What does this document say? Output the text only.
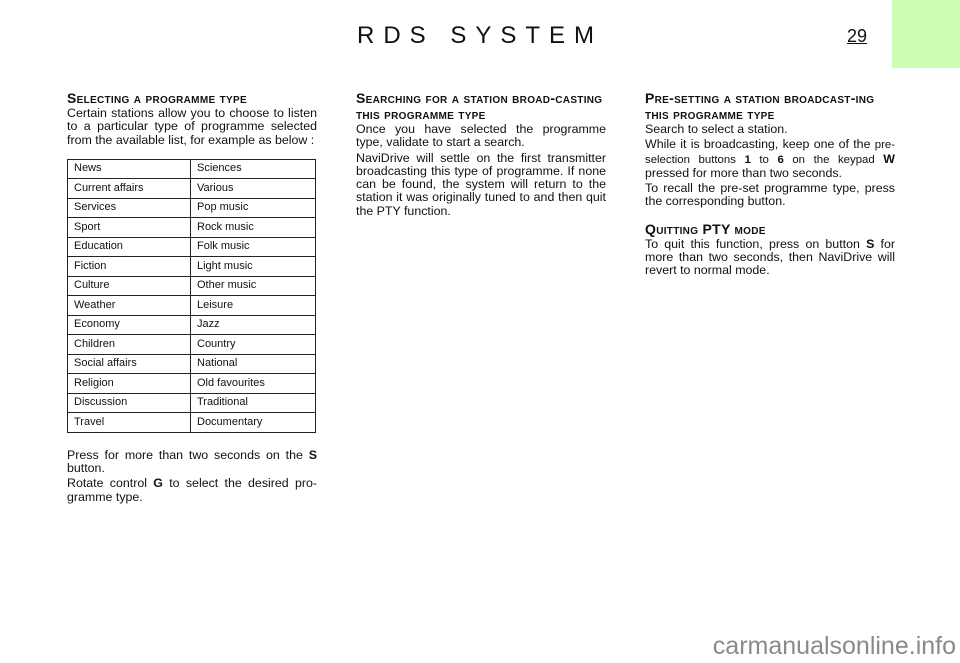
RDS SYSTEM	29
Selecting a programme type

Certain stations allow you to choose to listen to a particular type of programme selected from the available list, for example as below :

News	Sciences
Current affairs	Various
Services	Pop music
Sport	Rock music
Education	Folk music
Fiction	Light music
Culture	Other music
Weather	Leisure
Economy	Jazz
Children	Country
Social affairs	National
Religion	Old favourites
Discussion	Traditional
Travel	Documentary

Press for more than two seconds on the S button.

Rotate control G to select the desired pro-gramme type.

Searching for a station broad-casting this programme type

Once you have selected the programme type, validate to start a search.

NaviDrive will settle on the first transmitter broadcasting this type of programme. If none can be found, the system will return to the station it was originally tuned to and then quit the PTY function.

Pre-setting a station broadcast-ing this programme type

Search to select a station.

While it is broadcasting, keep one of the pre-selection buttons 1 to 6 on the keypad W pressed for more than two seconds.

To recall the pre-set programme type, press the corresponding button.

Quitting PTY mode

To quit this function, press on button S for more than two seconds, then NaviDrive will revert to normal mode.

carmanualsonline.info
